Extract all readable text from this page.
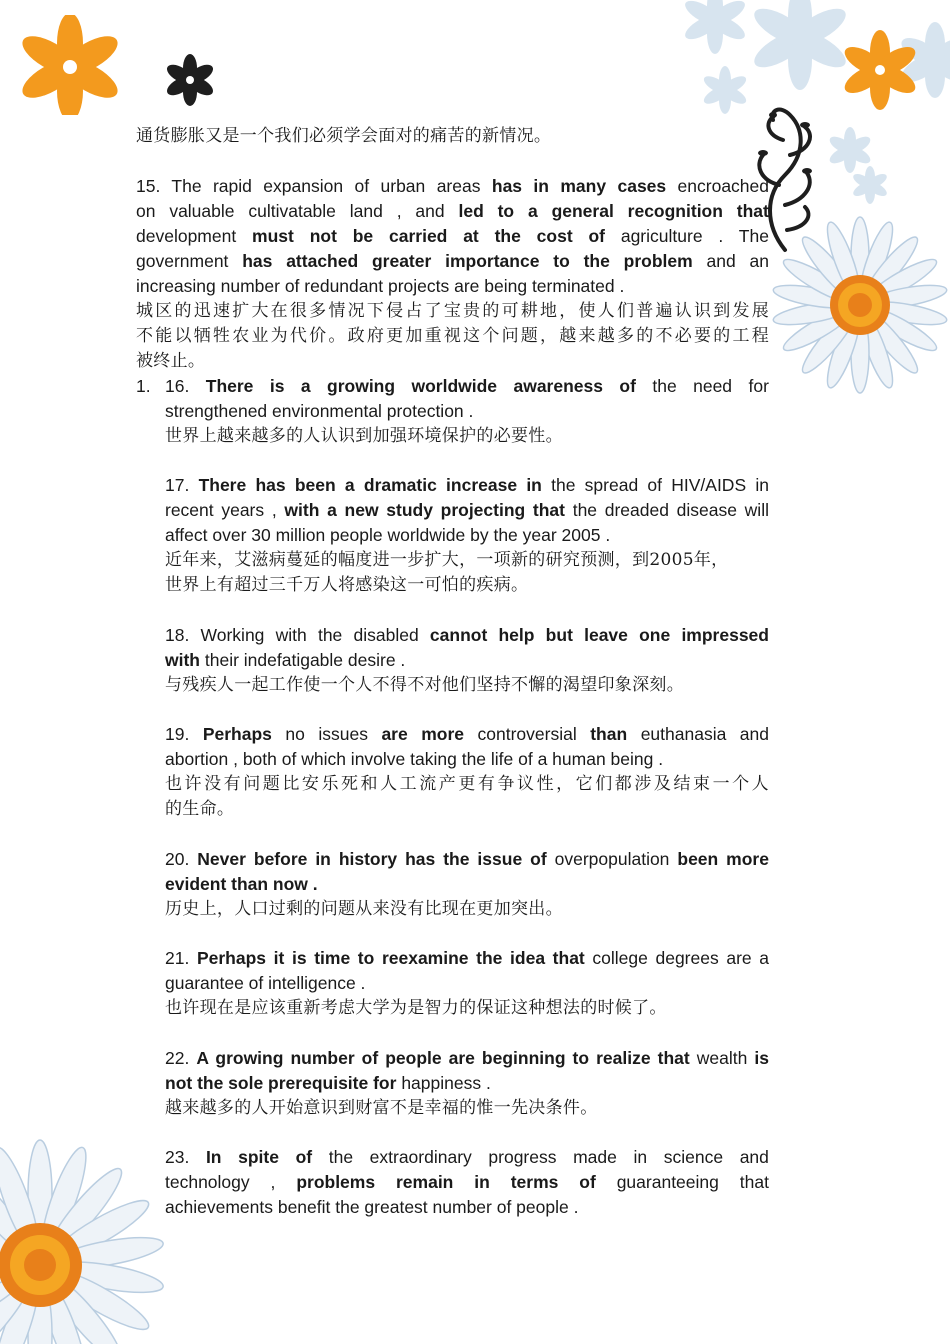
通货膨胀又是一个我们必须学会面对的痛苦的新情况。
15. The rapid expansion of urban areas has in many cases encroached
on valuable cultivatable land , and led to a general recognition that
development must not be carried at the cost of agriculture . The
government has attached greater importance to the problem and an
increasing number of redundant projects are being terminated .
城区的迅速扩大在很多情况下侵占了宝贵的可耕地，使人们普遍认识到发展
不能以牺牲农业为代价。政府更加重视这个问题，越来越多的不必要的工程
被终止。
1. 16. There is a growing worldwide awareness of the need for
strengthened environmental protection .
世界上越来越多的人认识到加强环境保护的必要性。
17. There has been a dramatic increase in the spread of HIV/AIDS in
recent years , with a new study projecting that the dreaded disease will
affect over 30 million people worldwide by the year 2005 .
近年来，艾滋病蔓延的幅度进一步扩大，一项新的研究预测，到2005年，
世界上有超过三千万人将感染这一可怕的疾病。
18. Working with the disabled cannot help but leave one impressed
with their indefatigable desire .
与残疾人一起工作使一个人不得不对他们坚持不懈的渴望印象深刻。
19. Perhaps no issues are more controversial than euthanasia and
abortion , both of which involve taking the life of a human being .
也许没有问题比安乐死和人工流产更有争议性，它们都涉及结束一个人
的生命。
20. Never before in history has the issue of overpopulation been more
evident than now .
历史上，人口过剩的问题从来没有比现在更加突出。
21. Perhaps it is time to reexamine the idea that college degrees are a
guarantee of intelligence .
也许现在是应该重新考虑大学为是智力的保证这种想法的时候了。
22. A growing number of people are beginning to realize that wealth is
not the sole prerequisite for happiness .
越来越多的人开始意识到财富不是幸福的惟一先决条件。
23. In spite of the extraordinary progress made in science and
technology , problems remain in terms of guaranteeing that
achievements benefit the greatest number of people .
